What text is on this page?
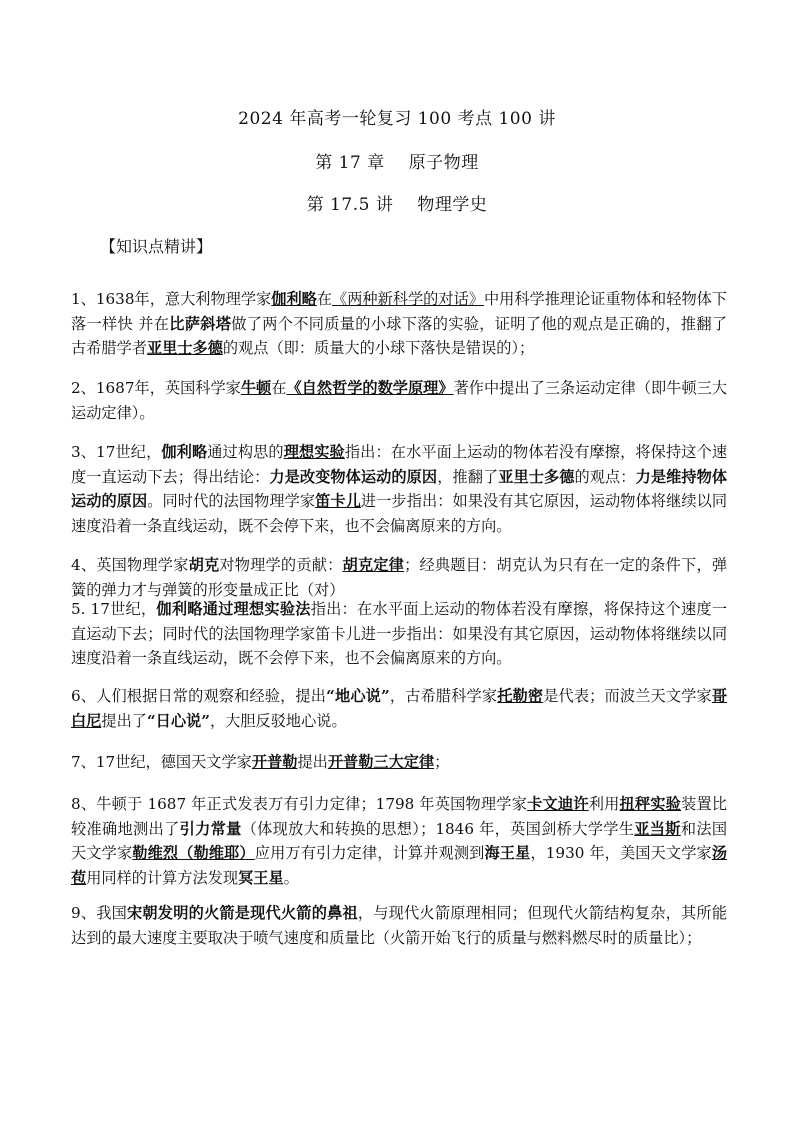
2024 年高考一轮复习 100 考点 100 讲
第 17 章 原子物理
第 17.5 讲 物理学史
【知识点精讲】

1、1638年，意大利物理学家伽利略在《两种新科学的对话》中用科学推理论证重物体和轻物体下落一样快 并在比萨斜塔做了两个不同质量的小球下落的实验，证明了他的观点是正确的，推翻了古希腊学者亚里士多德的观点（即：质量大的小球下落快是错误的）；

2、1687年，英国科学家牛顿在《自然哲学的数学原理》著作中提出了三条运动定律（即牛顿三大运动定律）。

3、17世纪，伽利略通过构思的理想实验指出：在水平面上运动的物体若没有摩擦，将保持这个速度一直运动下去；得出结论：力是改变物体运动的原因，推翻了亚里士多德的观点：力是维持物体运动的原因。同时代的法国物理学家笛卡儿进一步指出：如果没有其它原因，运动物体将继续以同速度沿着一条直线运动，既不会停下来，也不会偏离原来的方向。

4、英国物理学家胡克对物理学的贡献：胡克定律；经典题目：胡克认为只有在一定的条件下，弹簧的弹力才与弹簧的形变量成正比（对）

5. 17世纪，伽利略通过理想实验法指出：在水平面上运动的物体若没有摩擦，将保持这个速度一直运动下去；同时代的法国物理学家笛卡儿进一步指出：如果没有其它原因，运动物体将继续以同速度沿着一条直线运动，既不会停下来，也不会偏离原来的方向。

6、人们根据日常的观察和经验，提出“地心说”，古希腊科学家托勒密是代表；而波兰天文学家哥白尼提出了“日心说”，大胆反驳地心说。

7、17世纪，德国天文学家开普勒提出开普勒三大定律；

8、牛顿于 1687 年正式发表万有引力定律；1798 年英国物理学家卡文迪许利用扭秤实验装置比较准确地测出了引力常量（体现放大和转换的思想）；1846 年，英国剑桥大学学生亚当斯和法国天文学家勒维烈（勒维耶）应用万有引力定律，计算并观测到海王星，1930 年，美国天文学家汤苞用同样的计算方法发现冥王星。

9、我国宋朝发明的火箭是现代火箭的鼻祖，与现代火箭原理相同；但现代火箭结构复杂，其所能达到的最大速度主要取决于喷气速度和质量比（火箭开始飞行的质量与燃料燃尽时的质量比）；
